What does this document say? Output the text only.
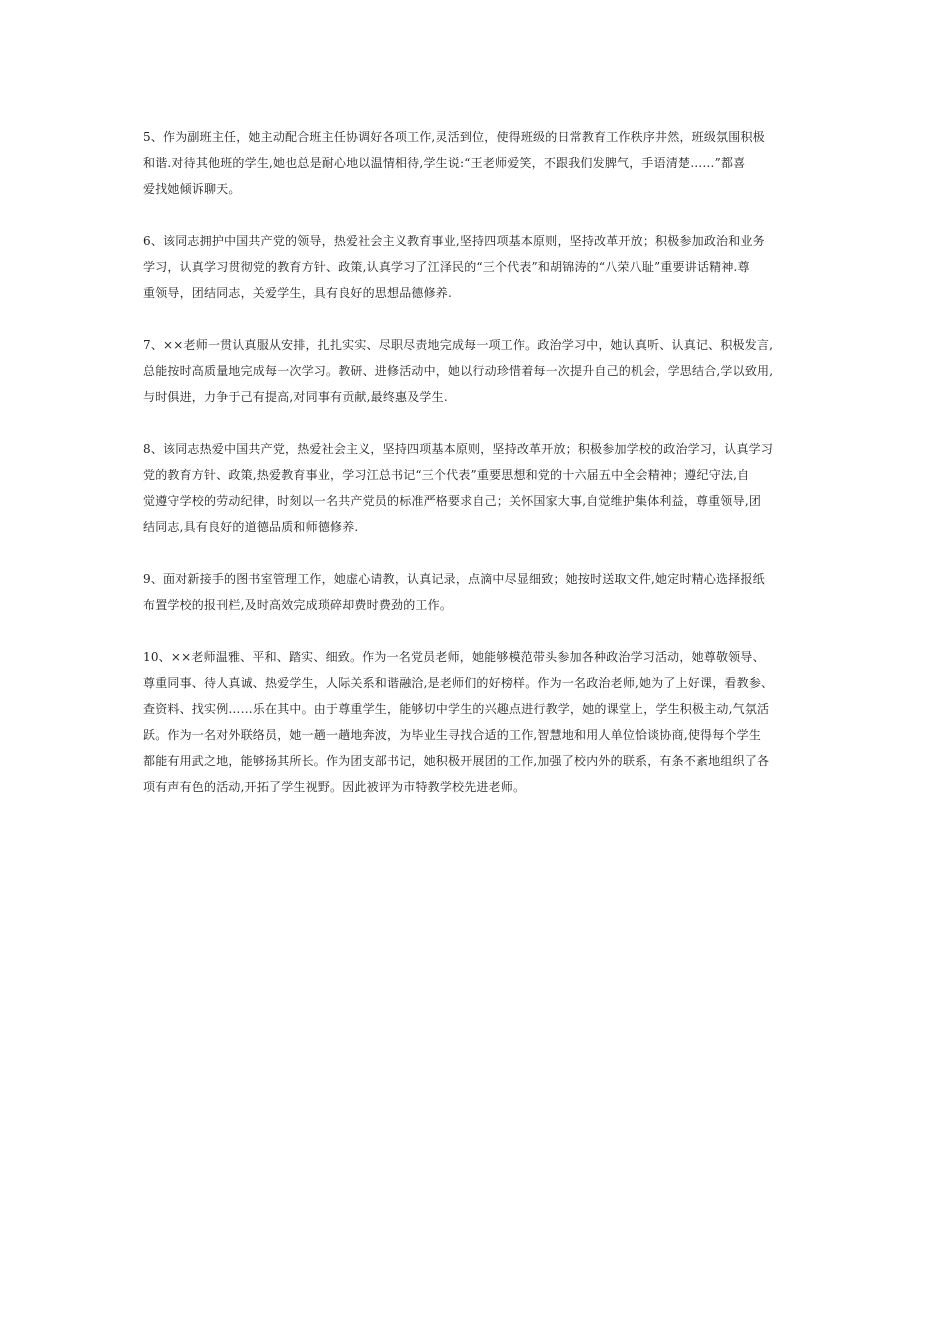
5、作为副班主任，她主动配合班主任协调好各项工作,灵活到位，使得班级的日常教育工作秩序井然，班级氛围积极
和谐.对待其他班的学生,她也总是耐心地以温情相待,学生说:“王老师爱笑，不跟我们发脾气，手语清楚……”都喜
爱找她倾诉聊天。

6、该同志拥护中国共产党的领导，热爱社会主义教育事业,坚持四项基本原则，坚持改革开放；积极参加政治和业务
学习，认真学习贯彻党的教育方针、政策,认真学习了江泽民的“三个代表”和胡锦涛的“八荣八耻”重要讲话精神.尊
重领导，团结同志，关爱学生，具有良好的思想品德修养.

7、××老师一贯认真服从安排，扎扎实实、尽职尽责地完成每一项工作。政治学习中，她认真听、认真记、积极发言,
总能按时高质量地完成每一次学习。教研、进修活动中，她以行动珍惜着每一次提升自己的机会，学思结合,学以致用,
与时俱进，力争于己有提高,对同事有贡献,最终惠及学生.

8、该同志热爱中国共产党，热爱社会主义，坚持四项基本原则，坚持改革开放；积极参加学校的政治学习，认真学习
党的教育方针、政策,热爱教育事业，学习江总书记“三个代表”重要思想和党的十六届五中全会精神；遵纪守法,自
觉遵守学校的劳动纪律，时刻以一名共产党员的标准严格要求自己；关怀国家大事,自觉维护集体利益，尊重领导,团
结同志,具有良好的道德品质和师德修养.

9、面对新接手的图书室管理工作，她虚心请教，认真记录，点滴中尽显细致；她按时送取文件,她定时精心选择报纸
布置学校的报刊栏,及时高效完成琐碎却费时费劲的工作。

10、××老师温雅、平和、踏实、细致。作为一名党员老师，她能够模范带头参加各种政治学习活动，她尊敬领导、
尊重同事、待人真诚、热爱学生，人际关系和谐融洽,是老师们的好榜样。作为一名政治老师,她为了上好课，看教参、
查资料、找实例……乐在其中。由于尊重学生，能够切中学生的兴趣点进行教学，她的课堂上，学生积极主动,气氛活
跃。作为一名对外联络员，她一趟一趟地奔波，为毕业生寻找合适的工作,智慧地和用人单位恰谈协商,使得每个学生
都能有用武之地，能够扬其所长。作为团支部书记，她积极开展团的工作,加强了校内外的联系，有条不紊地组织了各
项有声有色的活动,开拓了学生视野。因此被评为市特教学校先进老师。
